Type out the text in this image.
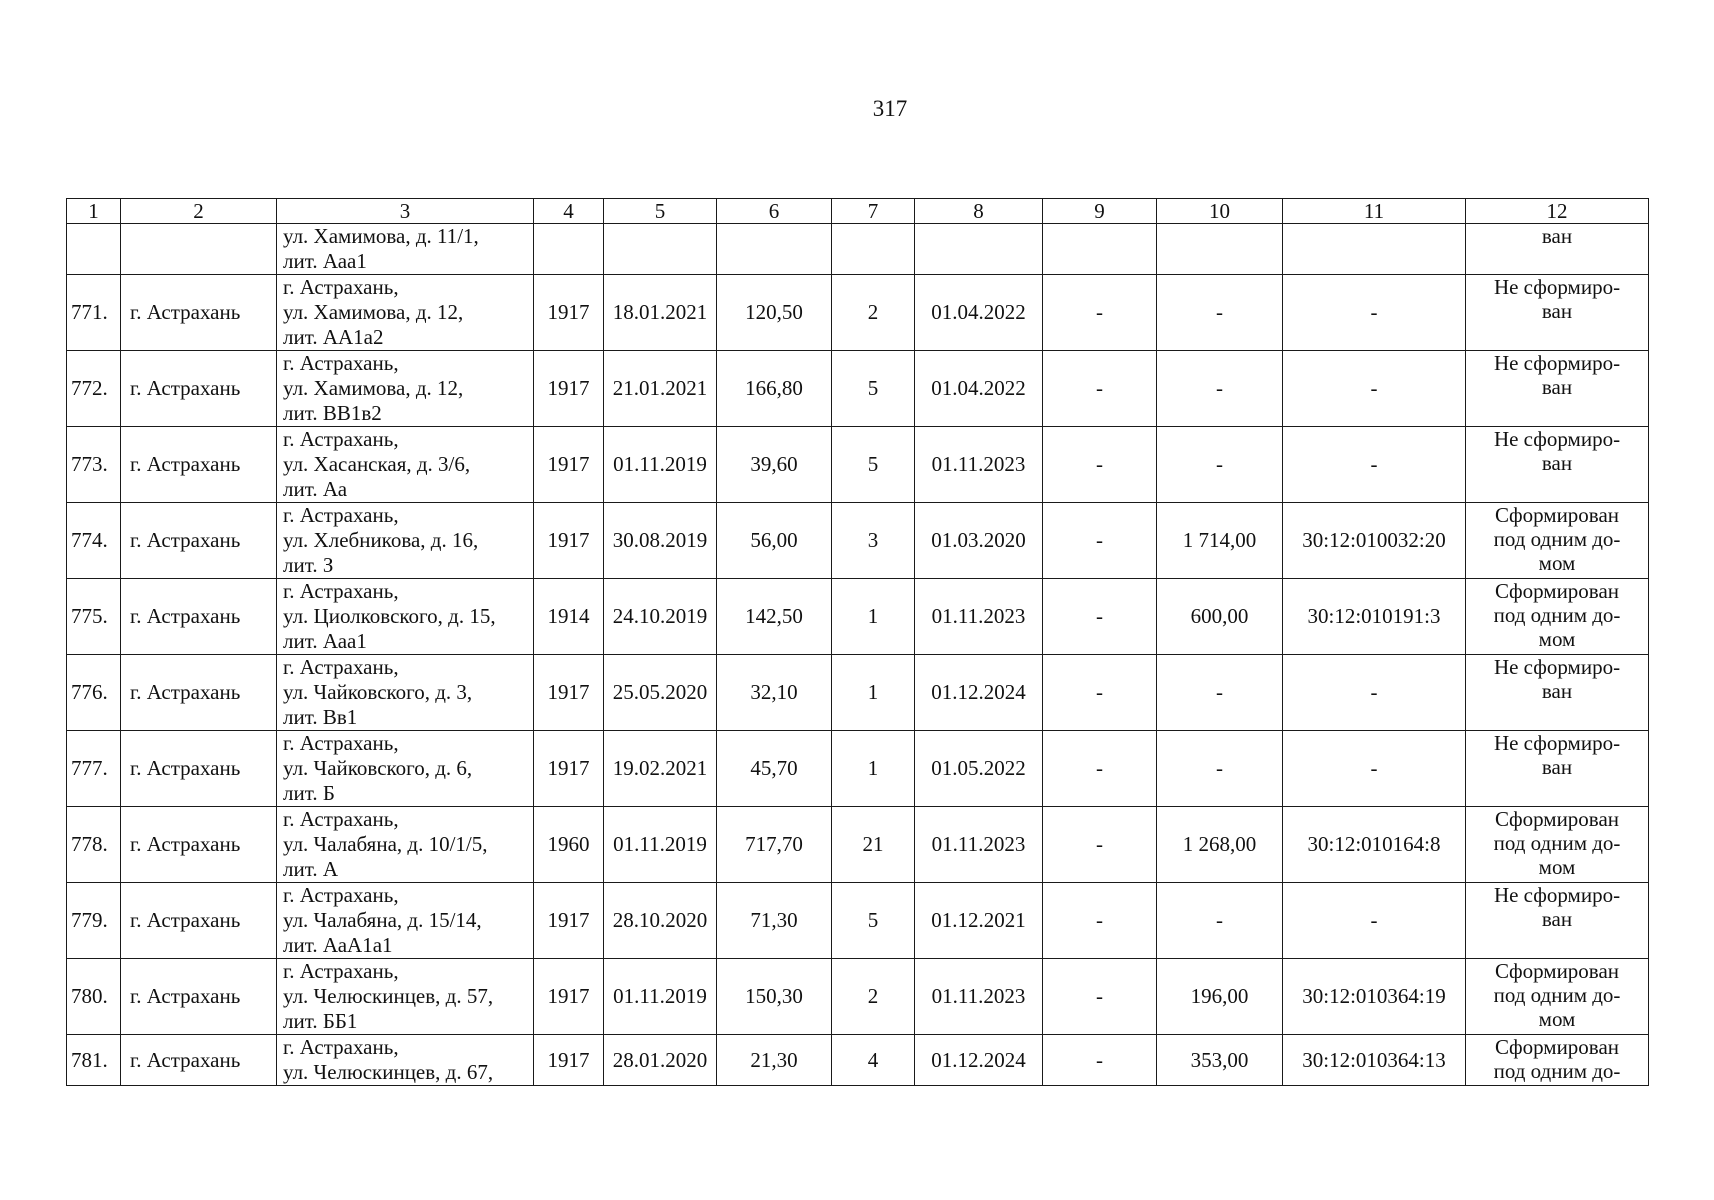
317
1	2	3	4	5	6	7	8	9	10	11	12
		ул. Хамимова, д. 11/1,
лит. Ааа1									ван
771.	г. Астрахань	г. Астрахань,
ул. Хамимова, д. 12,
лит. АА1а2	1917	18.01.2021	120,50	2	01.04.2022	-	-	-	Не сформиро-
ван
772.	г. Астрахань	г. Астрахань,
ул. Хамимова, д. 12,
лит. ВВ1в2	1917	21.01.2021	166,80	5	01.04.2022	-	-	-	Не сформиро-
ван
773.	г. Астрахань	г. Астрахань,
ул. Хасанская, д. 3/6,
лит. Аа	1917	01.11.2019	39,60	5	01.11.2023	-	-	-	Не сформиро-
ван
774.	г. Астрахань	г. Астрахань,
ул. Хлебникова, д. 16,
лит. З	1917	30.08.2019	56,00	3	01.03.2020	-	1 714,00	30:12:010032:20	Сформирован
под одним до-
мом
775.	г. Астрахань	г. Астрахань,
ул. Циолковского, д. 15,
лит. Ааа1	1914	24.10.2019	142,50	1	01.11.2023	-	600,00	30:12:010191:3	Сформирован
под одним до-
мом
776.	г. Астрахань	г. Астрахань,
ул. Чайковского, д. 3,
лит. Вв1	1917	25.05.2020	32,10	1	01.12.2024	-	-	-	Не сформиро-
ван
777.	г. Астрахань	г. Астрахань,
ул. Чайковского, д. 6,
лит. Б	1917	19.02.2021	45,70	1	01.05.2022	-	-	-	Не сформиро-
ван
778.	г. Астрахань	г. Астрахань,
ул. Чалабяна, д. 10/1/5,
лит. А	1960	01.11.2019	717,70	21	01.11.2023	-	1 268,00	30:12:010164:8	Сформирован
под одним до-
мом
779.	г. Астрахань	г. Астрахань,
ул. Чалабяна, д. 15/14,
лит. АаА1а1	1917	28.10.2020	71,30	5	01.12.2021	-	-	-	Не сформиро-
ван
780.	г. Астрахань	г. Астрахань,
ул. Челюскинцев, д. 57,
лит. ББ1	1917	01.11.2019	150,30	2	01.11.2023	-	196,00	30:12:010364:19	Сформирован
под одним до-
мом
781.	г. Астрахань	г. Астрахань,
ул. Челюскинцев, д. 67,	1917	28.01.2020	21,30	4	01.12.2024	-	353,00	30:12:010364:13	Сформирован
под одним до-
